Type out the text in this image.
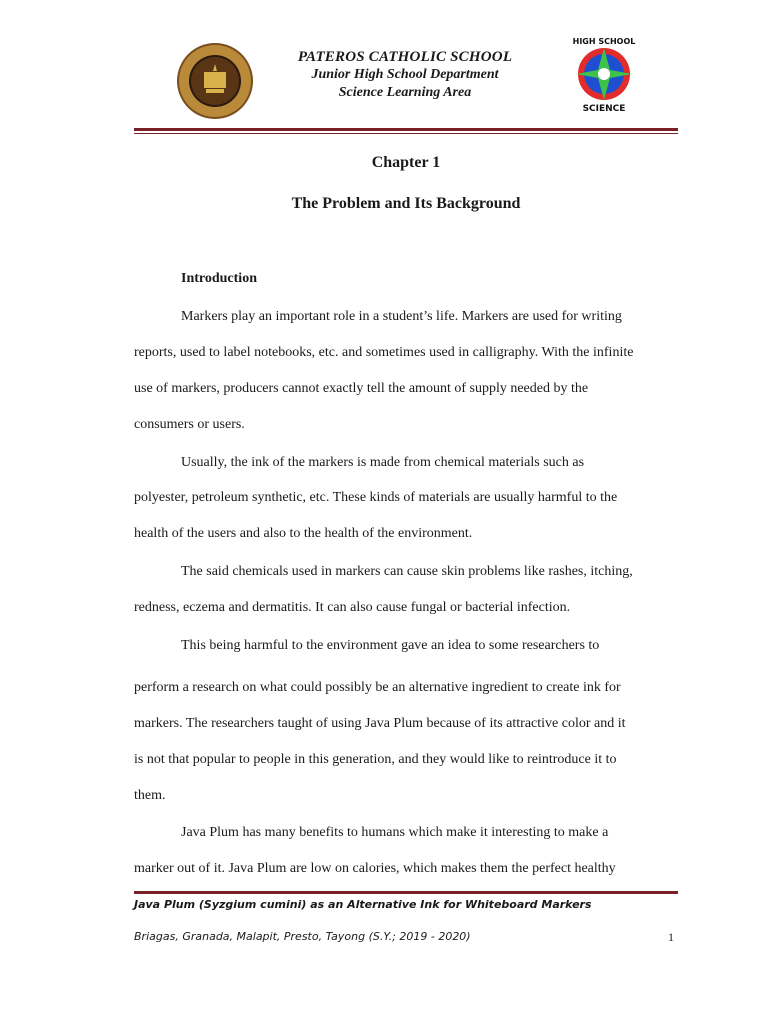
PATEROS CATHOLIC SCHOOL
Junior High School Department
Science Learning Area
HIGH SCHOOL
SCIENCE
Chapter 1
The Problem and Its Background
Introduction
Markers play an important role in a student’s life. Markers are used for writing
reports, used to label notebooks, etc. and sometimes used in calligraphy. With the infinite
use of markers, producers cannot exactly tell the amount of supply needed by the
consumers or users.
Usually, the ink of the markers is made from chemical materials such as
polyester, petroleum synthetic, etc. These kinds of materials are usually harmful to the
health of the users and also to the health of the environment.
The said chemicals used in markers can cause skin problems like rashes, itching,
redness, eczema and dermatitis. It can also cause fungal or bacterial infection.
This being harmful to the environment gave an idea to some researchers to
perform a research on what could possibly be an alternative ingredient to create ink for
markers. The researchers taught of using Java Plum because of its attractive color and it
is not that popular to people in this generation, and they would like to reintroduce it to
them.
Java Plum has many benefits to humans which make it interesting to make a
marker out of it. Java Plum are low on calories, which makes them the perfect healthy
Java Plum (Syzgium cumini) as an Alternative Ink for Whiteboard Markers
Briagas, Granada, Malapit, Presto, Tayong (S.Y.; 2019 - 2020)	1
